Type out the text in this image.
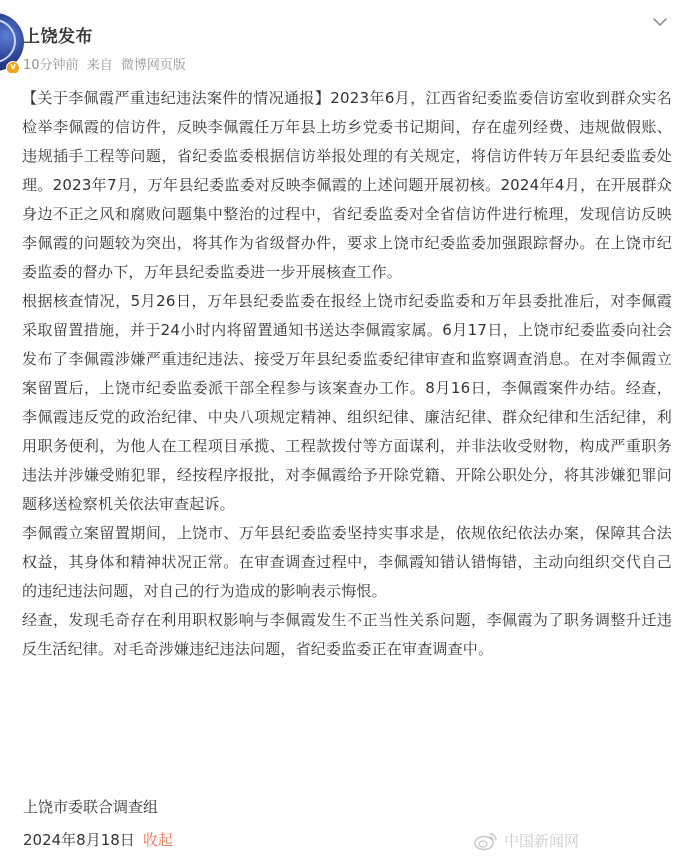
v
上饶发布
10分钟前 来自 微博网页版

【关于李佩霞严重违纪违法案件的情况通报】2023年6月，江西省纪委监委信访室收到群众实名检举李佩霞的信访件，反映李佩霞任万年县上坊乡党委书记期间，存在虚列经费、违规做假账、违规插手工程等问题，省纪委监委根据信访举报处理的有关规定，将信访件转万年县纪委监委处理。2023年7月，万年县纪委监委对反映李佩霞的上述问题开展初核。2024年4月，在开展群众身边不正之风和腐败问题集中整治的过程中，省纪委监委对全省信访件进行梳理，发现信访反映李佩霞的问题较为突出，将其作为省级督办件，要求上饶市纪委监委加强跟踪督办。在上饶市纪委监委的督办下，万年县纪委监委进一步开展核查工作。

根据核查情况，5月26日，万年县纪委监委在报经上饶市纪委监委和万年县委批准后，对李佩霞采取留置措施，并于24小时内将留置通知书送达李佩霞家属。6月17日，上饶市纪委监委向社会发布了李佩霞涉嫌严重违纪违法、接受万年县纪委监委纪律审查和监察调查消息。在对李佩霞立案留置后，上饶市纪委监委派干部全程参与该案查办工作。8月16日，李佩霞案件办结。经查，李佩霞违反党的政治纪律、中央八项规定精神、组织纪律、廉洁纪律、群众纪律和生活纪律，利用职务便利，为他人在工程项目承揽、工程款拨付等方面谋利，并非法收受财物，构成严重职务违法并涉嫌受贿犯罪，经按程序报批，对李佩霞给予开除党籍、开除公职处分，将其涉嫌犯罪问题移送检察机关依法审查起诉。

李佩霞立案留置期间，上饶市、万年县纪委监委坚持实事求是，依规依纪依法办案，保障其合法权益，其身体和精神状况正常。在审查调查过程中，李佩霞知错认错悔错，主动向组织交代自己的违纪违法问题，对自己的行为造成的影响表示悔恨。

经查，发现毛奇存在利用职权影响与李佩霞发生不正当性关系问题，李佩霞为了职务调整升迁违反生活纪律。对毛奇涉嫌违纪违法问题，省纪委监委正在审查调查中。

上饶市委联合调查组
2024年8月18日 收起	中国新闻网
